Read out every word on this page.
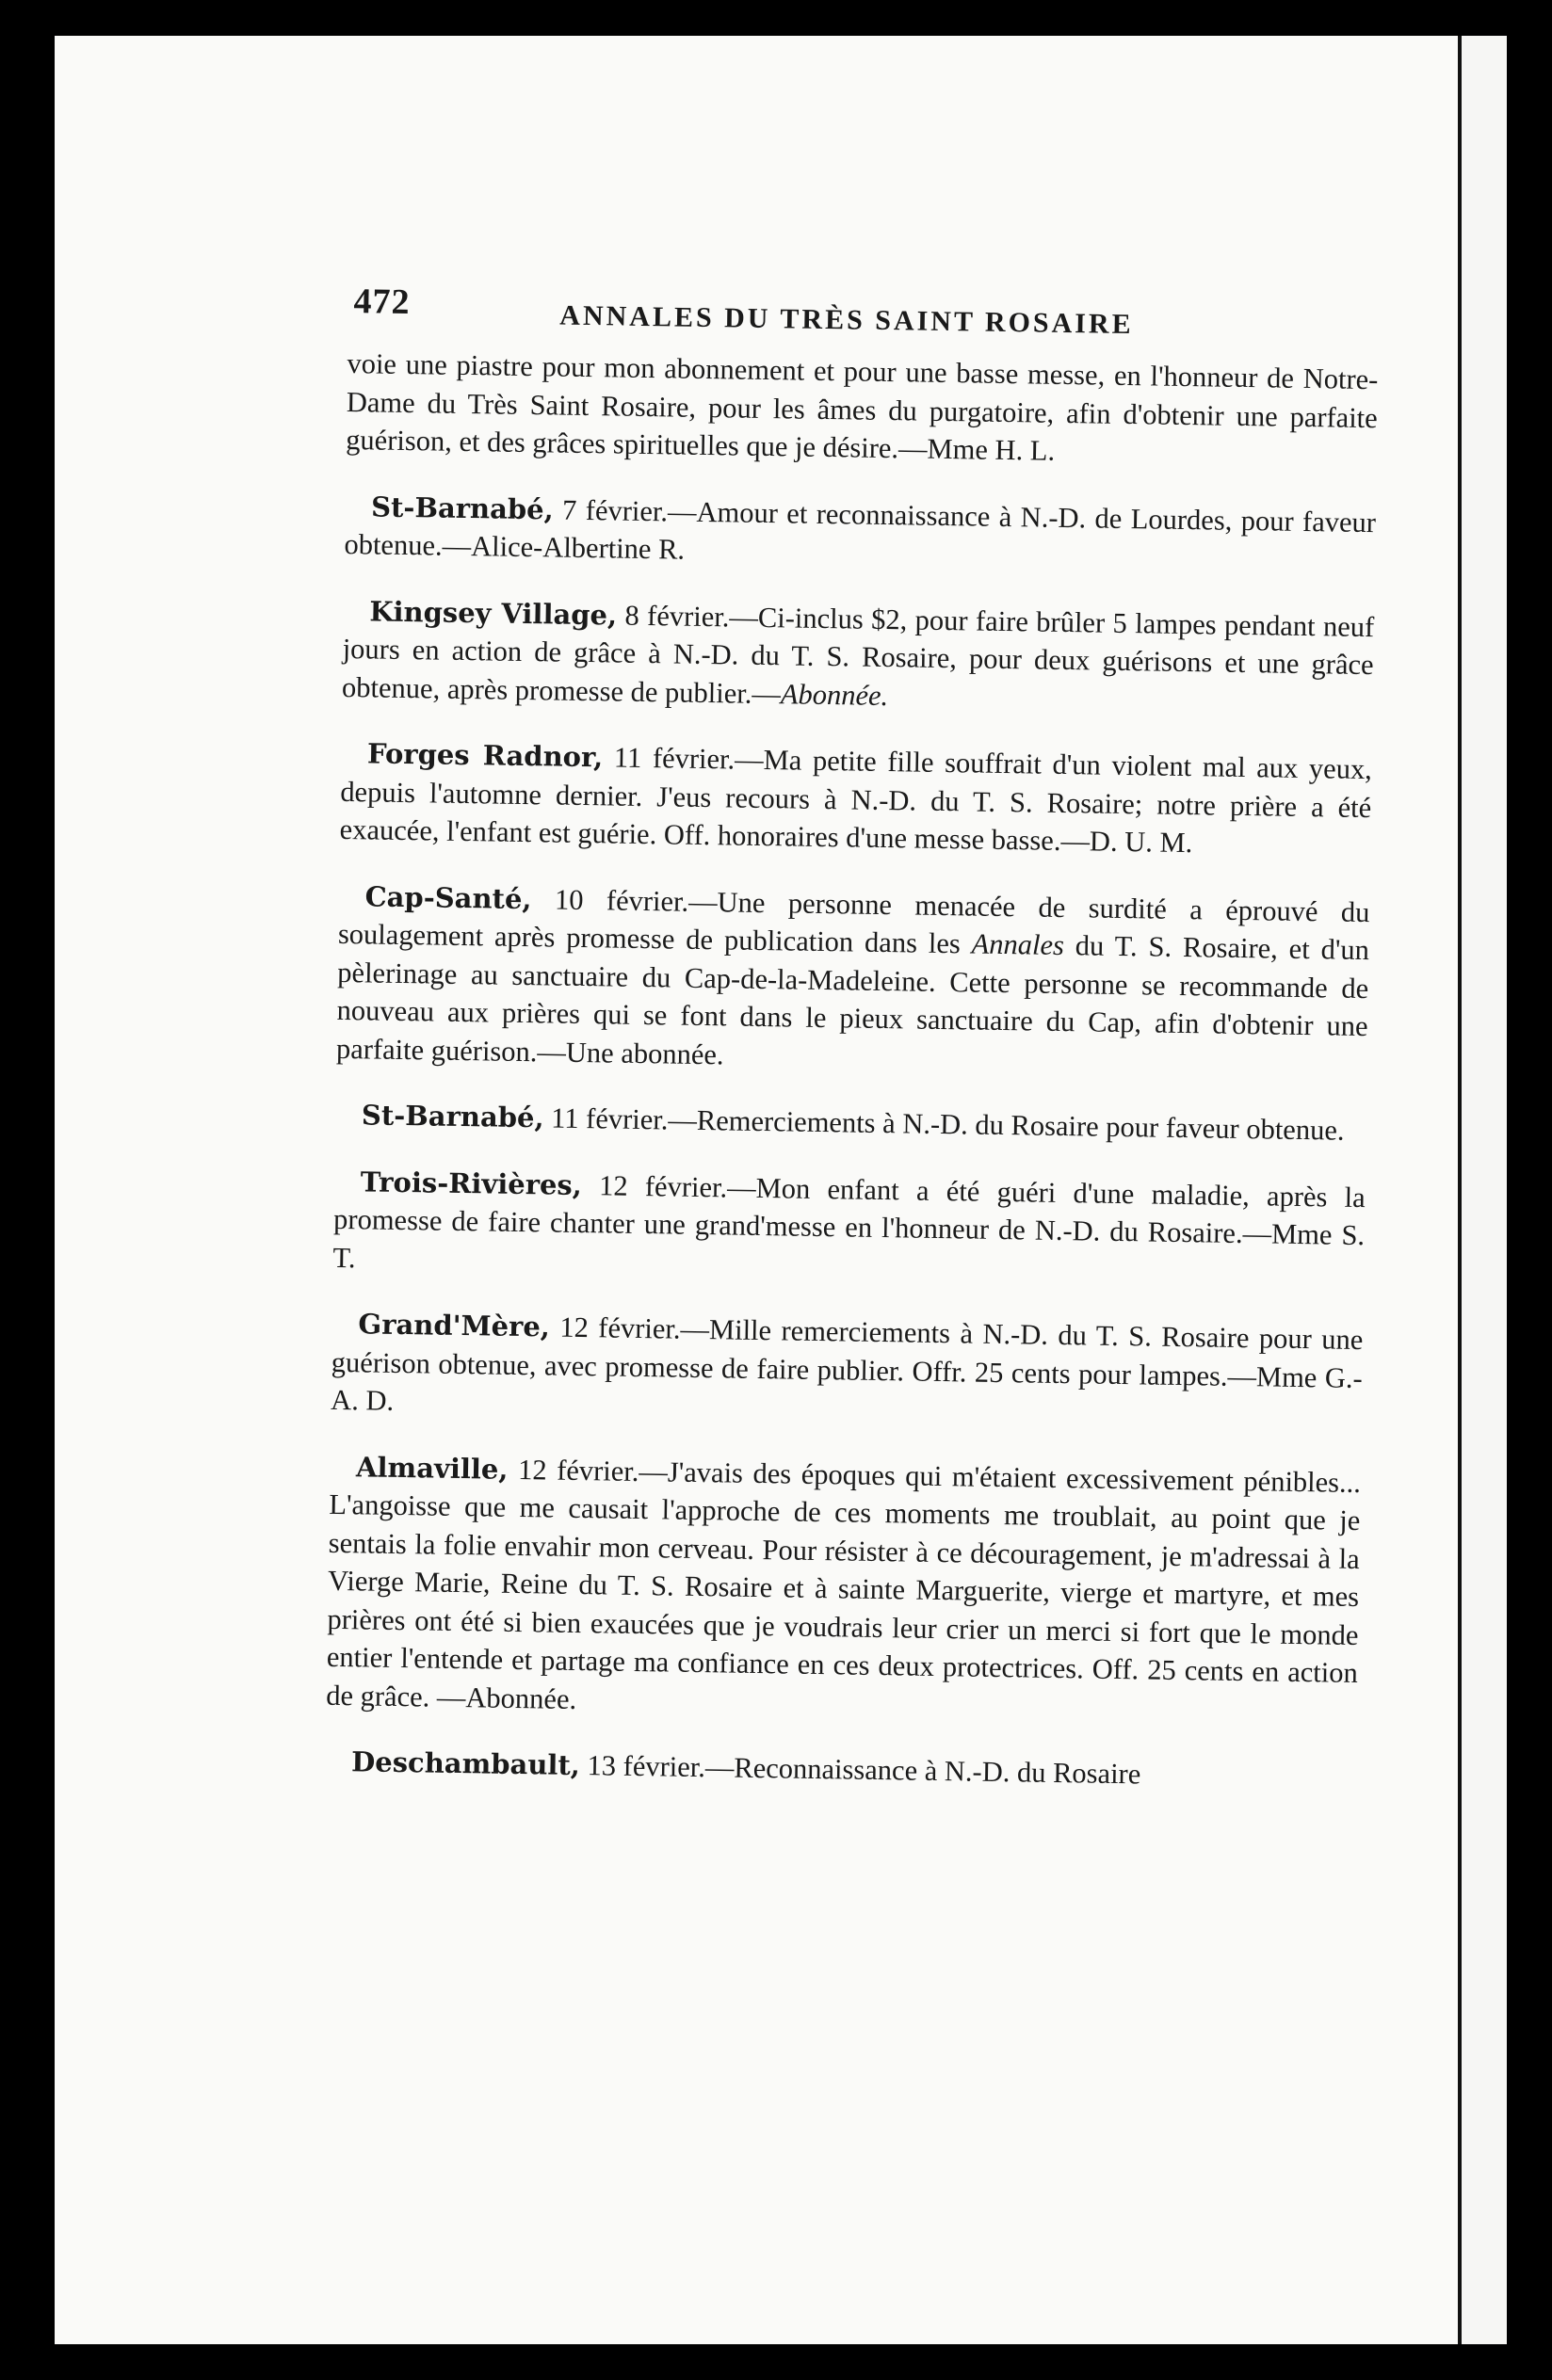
472	ANNALES DU TRÈS SAINT ROSAIRE

voie une piastre pour mon abonnement et pour une basse messe, en l'honneur de Notre-Dame du Très Saint Rosaire, pour les âmes du purgatoire, afin d'obtenir une parfaite guérison, et des grâces spirituelles que je désire.—Mme H. L.

St-Barnabé, 7 février.—Amour et reconnaissance à N.-D. de Lourdes, pour faveur obtenue.—Alice-Albertine R.

Kingsey Village, 8 février.—Ci-inclus $2, pour faire brûler 5 lampes pendant neuf jours en action de grâce à N.-D. du T. S. Rosaire, pour deux guérisons et une grâce obtenue, après promesse de publier.—Abonnée.

Forges Radnor, 11 février.—Ma petite fille souffrait d'un violent mal aux yeux, depuis l'automne dernier. J'eus recours à N.-D. du T. S. Rosaire; notre prière a été exaucée, l'enfant est guérie. Off. honoraires d'une messe basse.—D. U. M.

Cap-Santé, 10 février.—Une personne menacée de surdité a éprouvé du soulagement après promesse de publication dans les Annales du T. S. Rosaire, et d'un pèlerinage au sanctuaire du Cap-de-la-Madeleine. Cette personne se recommande de nouveau aux prières qui se font dans le pieux sanctuaire du Cap, afin d'obtenir une parfaite guérison.—Une abonnée.

St-Barnabé, 11 février.—Remerciements à N.-D. du Rosaire pour faveur obtenue.

Trois-Rivières, 12 février.—Mon enfant a été guéri d'une maladie, après la promesse de faire chanter une grand'messe en l'honneur de N.-D. du Rosaire.—Mme S. T.

Grand'Mère, 12 février.—Mille remerciements à N.-D. du T. S. Rosaire pour une guérison obtenue, avec promesse de faire publier. Offr. 25 cents pour lampes.—Mme G.-A. D.

Almaville, 12 février.—J'avais des époques qui m'étaient excessivement pénibles... L'angoisse que me causait l'approche de ces moments me troublait, au point que je sentais la folie envahir mon cerveau. Pour résister à ce découragement, je m'adressai à la Vierge Marie, Reine du T. S. Rosaire et à sainte Marguerite, vierge et martyre, et mes prières ont été si bien exaucées que je voudrais leur crier un merci si fort que le monde entier l'entende et partage ma confiance en ces deux protectrices. Off. 25 cents en action de grâce. —Abonnée.

Deschambault, 13 février.—Reconnaissance à N.-D. du Rosaire
